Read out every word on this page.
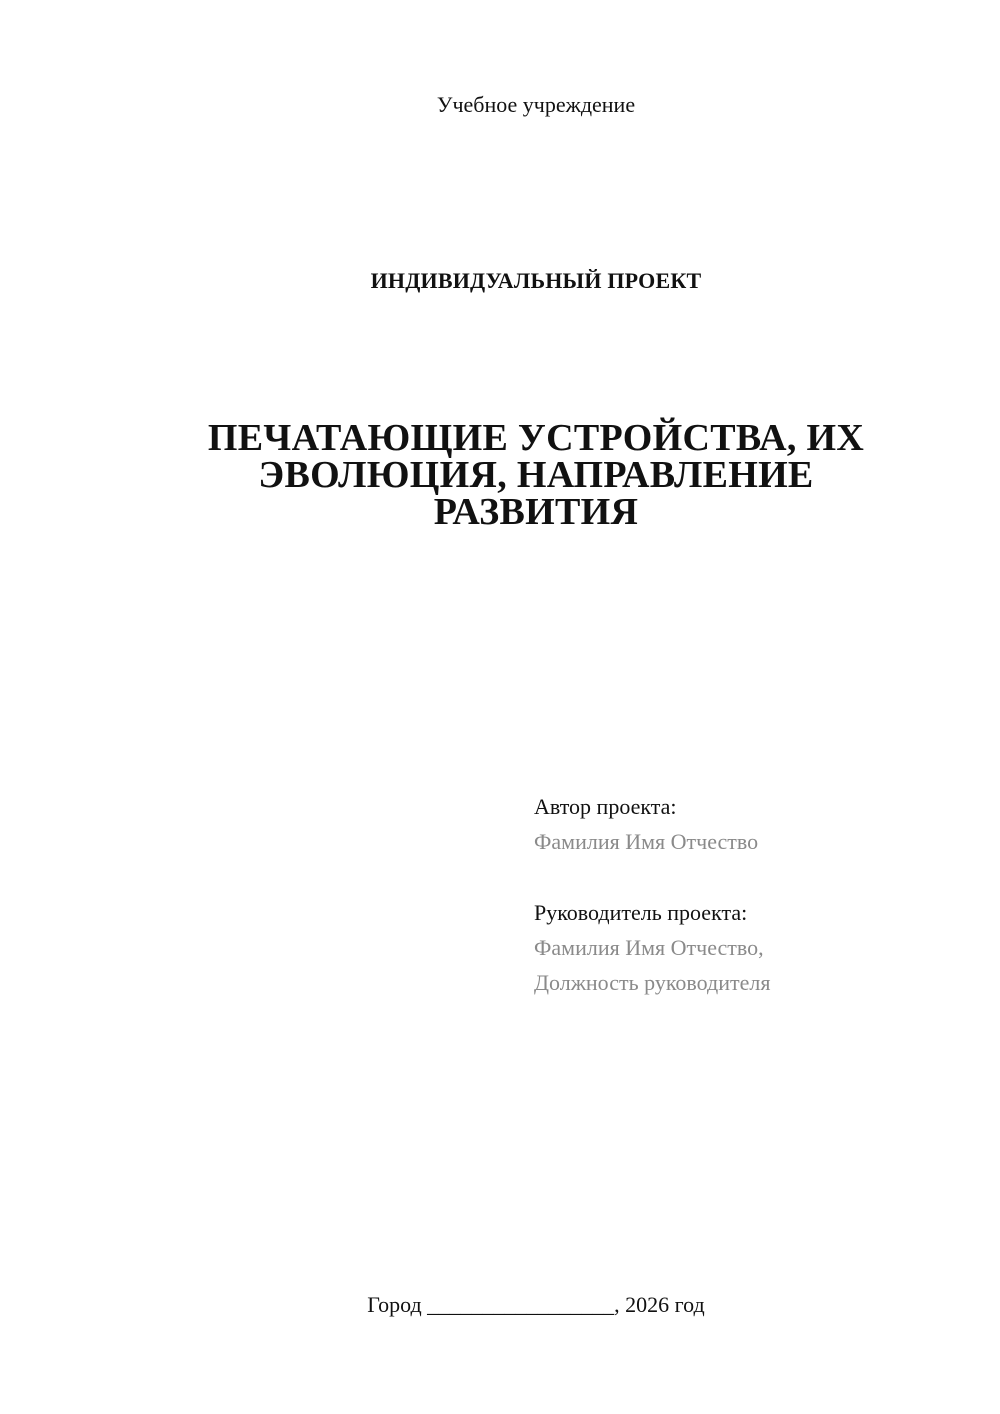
Учебное учреждение
ИНДИВИДУАЛЬНЫЙ ПРОЕКТ
ПЕЧАТАЮЩИЕ УСТРОЙСТВА, ИХ
ЭВОЛЮЦИЯ, НАПРАВЛЕНИЕ
РАЗВИТИЯ
Автор проекта:
Фамилия Имя Отчество
Руководитель проекта:
Фамилия Имя Отчество,
Должность руководителя
Город _________________, 2026 год
